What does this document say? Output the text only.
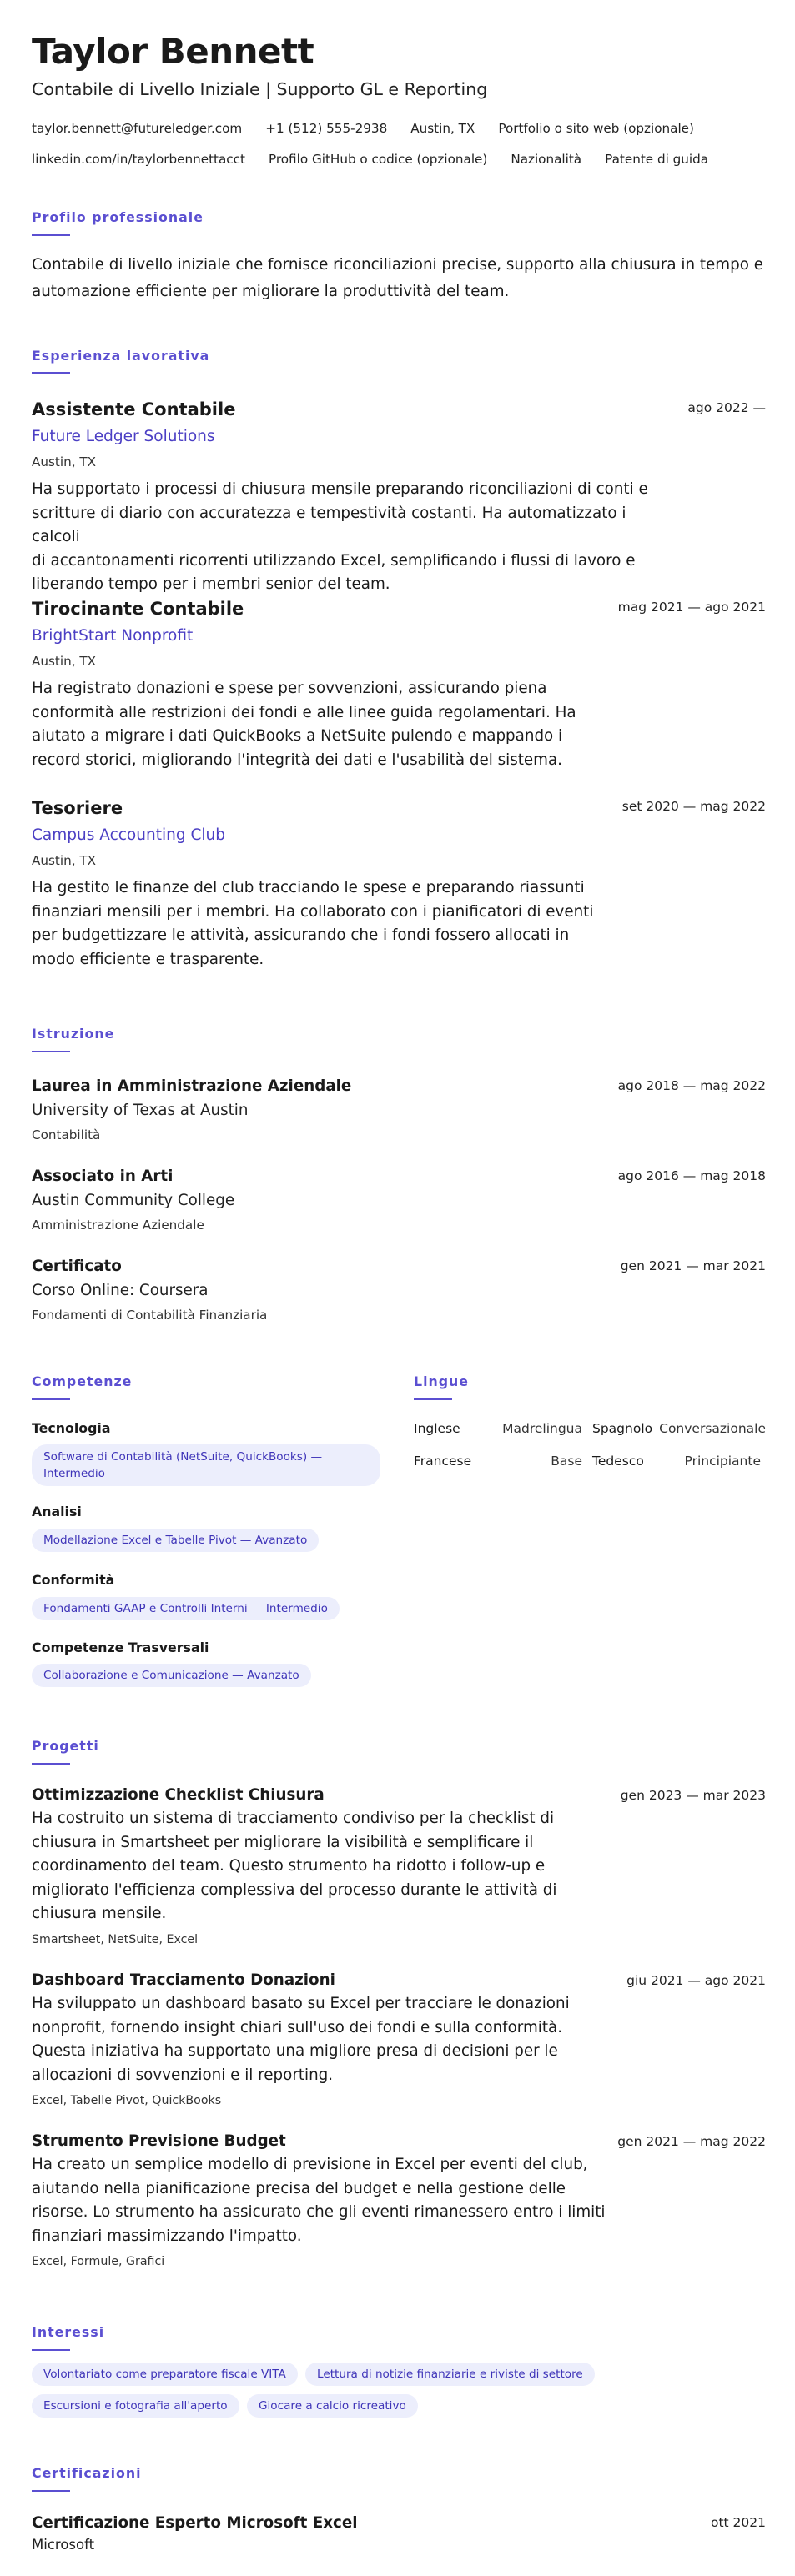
Taylor Bennett
Contabile di Livello Iniziale | Supporto GL e Reporting
taylor.bennett@futureledger.com +1 (512) 555-2938 Austin, TX Portfolio o sito web (opzionale)
linkedin.com/in/taylorbennettacct Profilo GitHub o codice (opzionale) Nazionalità Patente di guida
Profilo professionale
Contabile di livello iniziale che fornisce riconciliazioni precise, supporto alla chiusura in tempo e
automazione efficiente per migliorare la produttività del team.
Esperienza lavorativa
Assistente Contabile	ago 2022 —
Future Ledger Solutions
Austin, TX
Ha supportato i processi di chiusura mensile preparando riconciliazioni di conti e
scritture di diario con accuratezza e tempestività costanti. Ha automatizzato i calcoli
di accantonamenti ricorrenti utilizzando Excel, semplificando i flussi di lavoro e
liberando tempo per i membri senior del team.
Tirocinante Contabile	mag 2021 — ago 2021
BrightStart Nonprofit
Austin, TX
Ha registrato donazioni e spese per sovvenzioni, assicurando piena
conformità alle restrizioni dei fondi e alle linee guida regolamentari. Ha
aiutato a migrare i dati QuickBooks a NetSuite pulendo e mappando i
record storici, migliorando l'integrità dei dati e l'usabilità del sistema.
Tesoriere	set 2020 — mag 2022
Campus Accounting Club
Austin, TX
Ha gestito le finanze del club tracciando le spese e preparando riassunti
finanziari mensili per i membri. Ha collaborato con i pianificatori di eventi
per budgettizzare le attività, assicurando che i fondi fossero allocati in
modo efficiente e trasparente.
Istruzione
Laurea in Amministrazione Aziendale	ago 2018 — mag 2022
University of Texas at Austin
Contabilità
Associato in Arti	ago 2016 — mag 2018
Austin Community College
Amministrazione Aziendale
Certificato	gen 2021 — mar 2021
Corso Online: Coursera
Fondamenti di Contabilità Finanziaria
Competenze
Tecnologia
Software di Contabilità (NetSuite, QuickBooks) — Intermedio
Analisi
Modellazione Excel e Tabelle Pivot — Avanzato
Conformità
Fondamenti GAAP e Controlli Interni — Intermedio
Competenze Trasversali
Collaborazione e Comunicazione — Avanzato
Lingue
Inglese	Madrelingua Spagnolo Conversazionale
Francese	Base Tedesco	Principiante
Progetti
Ottimizzazione Checklist Chiusura	gen 2023 — mar 2023
Ha costruito un sistema di tracciamento condiviso per la checklist di
chiusura in Smartsheet per migliorare la visibilità e semplificare il
coordinamento del team. Questo strumento ha ridotto i follow-up e
migliorato l'efficienza complessiva del processo durante le attività di
chiusura mensile.
Smartsheet, NetSuite, Excel
Dashboard Tracciamento Donazioni	giu 2021 — ago 2021
Ha sviluppato un dashboard basato su Excel per tracciare le donazioni
nonprofit, fornendo insight chiari sull'uso dei fondi e sulla conformità.
Questa iniziativa ha supportato una migliore presa di decisioni per le
allocazioni di sovvenzioni e il reporting.
Excel, Tabelle Pivot, QuickBooks
Strumento Previsione Budget	gen 2021 — mag 2022
Ha creato un semplice modello di previsione in Excel per eventi del club,
aiutando nella pianificazione precisa del budget e nella gestione delle
risorse. Lo strumento ha assicurato che gli eventi rimanessero entro i limiti
finanziari massimizzando l'impatto.
Excel, Formule, Grafici
Interessi
Volontariato come preparatore fiscale VITA	Lettura di notizie finanziarie e riviste di settore
Escursioni e fotografia all'aperto	Giocare a calcio ricreativo
Certificazioni
Certificazione Esperto Microsoft Excel	ott 2021
Microsoft
